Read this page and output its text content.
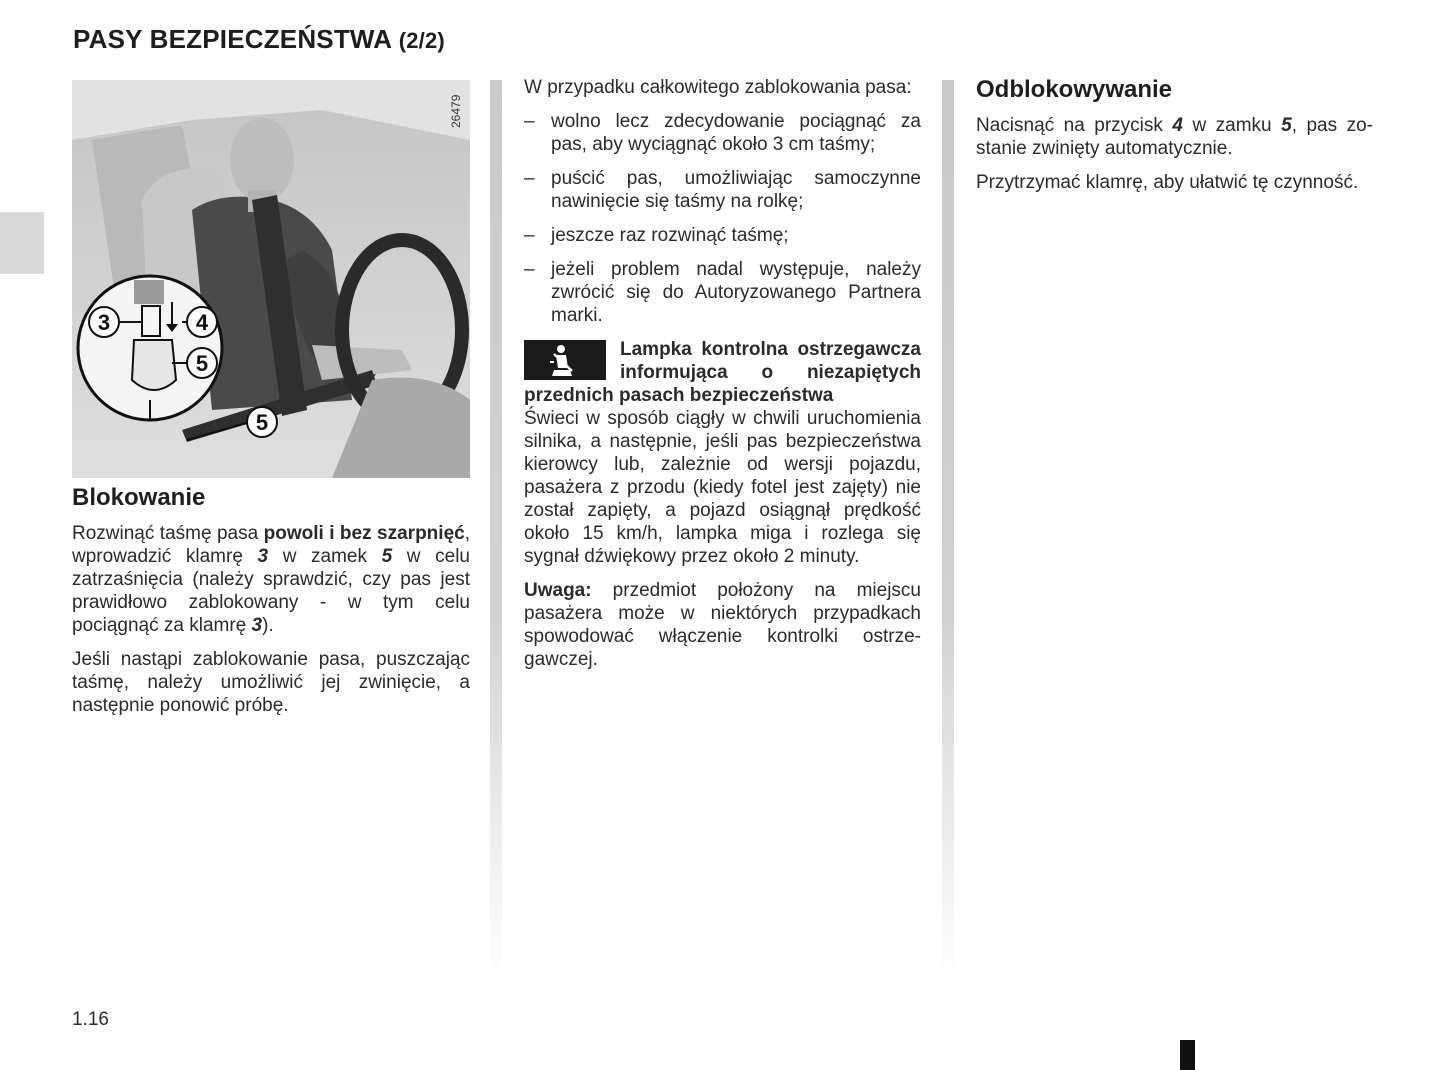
PASY BEZPIECZEŃSTWA (2/2)
3	4
5
5
26479
Blokowanie

Rozwinąć taśmę pasa powoli i bez szarpnięć, wprowadzić klamrę 3 w zamek 5 w celu zatrzaśnięcia (należy sprawdzić, czy pas jest prawidłowo zablokowany - w tym celu pociągnąć za klamrę 3).

Jeśli nastąpi zablokowanie pasa, puszczając taśmę, należy umożliwić jej zwinięcie, a następnie ponowić próbę.

W przypadku całkowitego zablokowania pasa:

– wolno lecz zdecydowanie pociągnąć za pas, aby wyciągnąć około 3 cm taśmy;
– puścić pas, umożliwiając samoczynne nawinięcie się taśmy na rolkę;
– jeszcze raz rozwinąć taśmę;
– jeżeli problem nadal występuje, należy zwrócić się do Autoryzowanego Partnera marki.

Lampka kontrolna ostrzegawcza informująca o niezapiętych przednich pasach bezpieczeństwa

Świeci w sposób ciągły w chwili uruchomienia silnika, a następnie, jeśli pas bezpieczeństwa kierowcy lub, zależnie od wersji pojazdu, pasażera z przodu (kiedy fotel jest zajęty) nie został zapięty, a pojazd osiągnął prędkość około 15 km/h, lampka miga i rozlega się sygnał dźwiękowy przez około 2 minuty.

Uwaga: przedmiot położony na miejscu pasażera może w niektórych przypadkach spowodować włączenie kontrolki ostrzegawczej.

Odblokowywanie

Nacisnąć na przycisk 4 w zamku 5, pas zostanie zwinięty automatycznie.

Przytrzymać klamrę, aby ułatwić tę czynność.

1.16
